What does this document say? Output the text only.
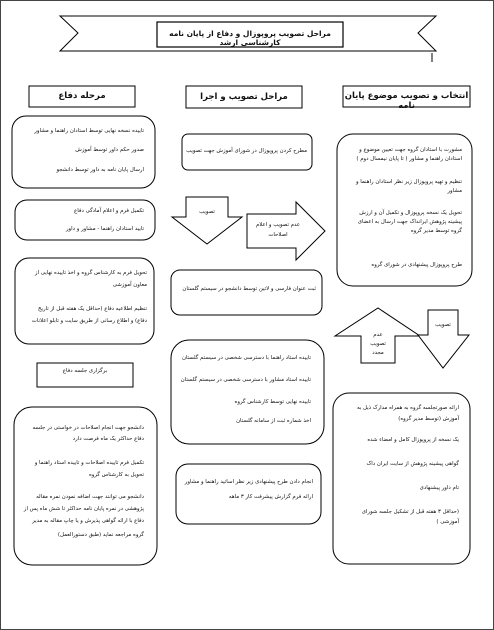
مراحل تصویب پروپوزال و دفاع از پایان نامه کارشناسی ارشد
مرحله دفاع	مراحل تصویب و اجرا	انتخاب و تصویب موضوع پایان نامه
مشورت با استادان گروه جهت تعیین موضوع و
استادان راهنما و مشاور ( تا پایان نیمسال دوم )
تنظیم و تهیه پروپوزال زیر نظر استادان راهنما و
مشاور
تحویل یک نسخه پروپوزال و تکمیل آن و ارزش
پیشینه پژوهش ایرانداک جهت ارسال به اعضای
گروه توسط مدیر گروه
طرح پروپوزال پیشنهادی در شورای گروه
ارائه صورتجلسه گروه به همراه مدارک ذیل به
آموزش (توسط مدیر گروه)
یک نسخه از پروپوزال کامل و امضاء شده
گواهی پیشینه پژوهش از سایت ایران داک
تام داور پیشنهادی
(حداقل ۳ هفته قبل از تشکیل جلسه شورای
آموزشی )
مطرح کردن پروپوزال در شورای آموزش جهت تصویب
ثبت عنوان فارسی و لاتین توسط دانشجو در سیستم گلستان
تاییده استاد راهنما با دسترسی شخصی در سیستم گلستان
تاییده استاد مشاور با دسترسی شخصی در سیستم گلستان
تاییده نهایی توسط کارشناس گروه
اخذ شماره ثبت از سامانه گلستان
انجام دادن طرح پیشنهادی زیر نظر اساتید راهنما و مشاور
ارائه فرم گزارش پیشرفت کار ۳ ماهه
تاییده نسخه نهایی توسط استادان راهنما و مشاور
صدور حکم داور توسط آموزش
ارسال پایان نامه به داور توسط دانشجو
تکمیل فرم و اعلام آمادگی دفاع
تایید استادان راهنما - مشاور و داور
تحویل فرم به کارشناس گروه و اخذ تاییده نهایی از
معاون آموزشی
تنظیم اطلاعیه دفاع (حداقل یک هفته قبل از تاریخ
دفاع) و اطلاع رسانی از طریق سایت و تابلو اعلانات
برگزاری جلسه دفاع
دانشجو جهت انجام اصلاحات در خواستی در جلسه
دفاع حداکثر یک ماه فرصت دارد
تکمیل فرم تاییده اصلاحات و تاییده استاد راهنما و
تحویل به کارشناس گروه
دانشجو می توانند جهت اضافه نمودن نمره مقاله
پژوهشی در نمره پایان نامه حداکثر تا شش ماه پس از
دفاع با ارائه گواهی پذیرش و یا چاپ مقاله به مدیر
گروه مراجعه نماید (طبق دستورالعمل)
تصویب
عدم تصویب و اعلام
اصلاحات
عدم
تصویب
مجدد
تصویب
